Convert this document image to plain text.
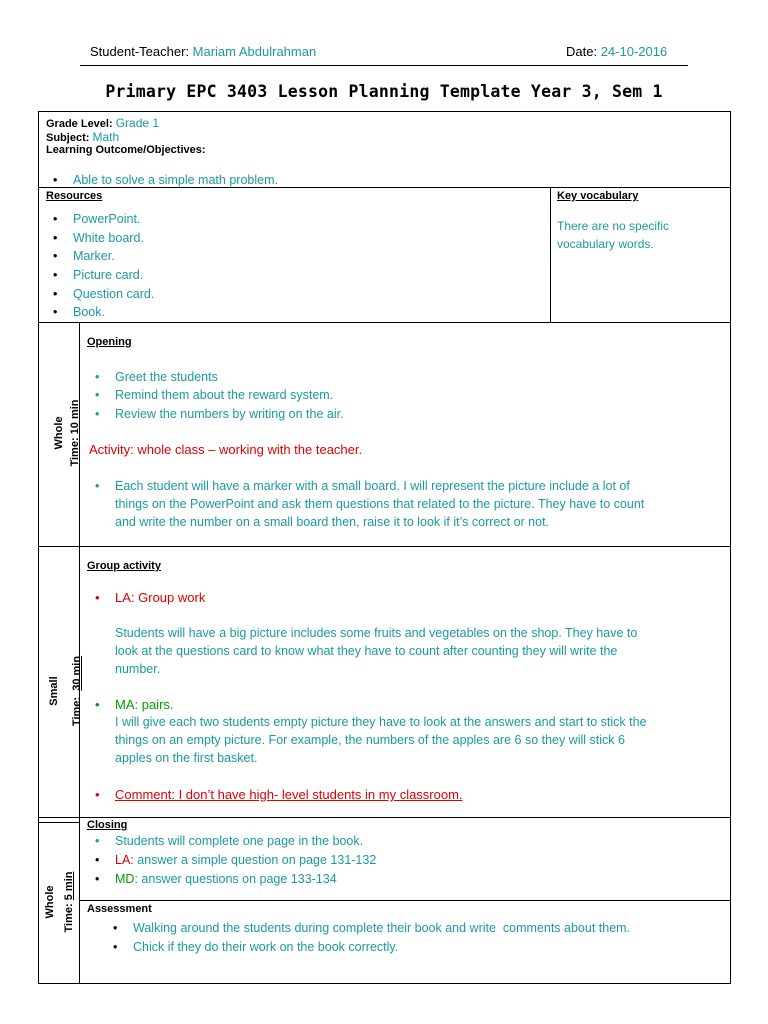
Student-Teacher: Mariam Abdulrahman	Date: 24-10-2016
Primary EPC 3403 Lesson Planning Template Year 3, Sem 1
Grade Level: Grade 1
Subject: Math
Learning Outcome/Objectives:
• Able to solve a simple math problem.
Resources
• PowerPoint.
• White board.
• Marker.
• Picture card.
• Question card.
• Book.
Key vocabulary
There are no specific
vocabulary words.
Whole
Time: 10 min
Opening
• Greet the students
• Remind them about the reward system.
• Review the numbers by writing on the air.
Activity: whole class – working with the teacher.
• Each student will have a marker with a small board. I will represent the picture include a lot of
things on the PowerPoint and ask them questions that related to the picture. They have to count
and write the number on a small board then, raise it to look if it’s correct or not.
Small Time:  30 min
Group activity
• LA: Group work
Students will have a big picture includes some fruits and vegetables on the shop. They have to
look at the questions card to know what they have to count after counting they will write the
number.
• MA: pairs.
I will give each two students empty picture they have to look at the answers and start to stick the
things on an empty picture. For example, the numbers of the apples are 6 so they will stick 6
apples on the first basket.
• Comment: I don’t have high- level students in my classroom.
Whole Time: 5 min
Closing
• Students will complete one page in the book.
• LA: answer a simple question on page 131-132
• MD: answer questions on page 133-134
Assessment
• Walking around the students during complete their book and write  comments about them.
• Chick if they do their work on the book correctly.
